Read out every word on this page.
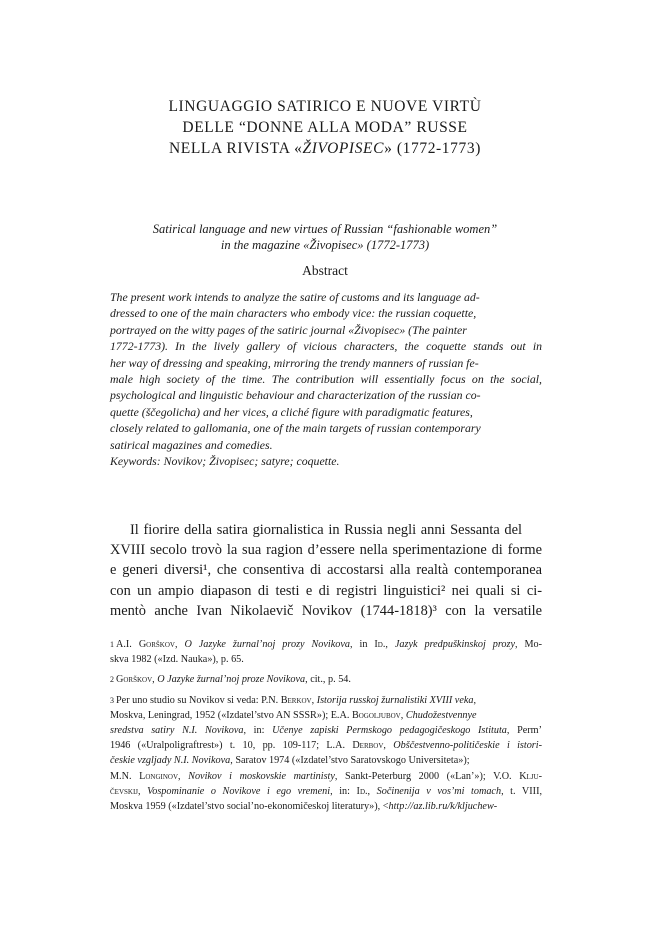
LINGUAGGIO SATIRICO E NUOVE VIRTÙ
DELLE “DONNE ALLA MODA” RUSSE
NELLA RIVISTA «ŽIVOPISEC» (1772-1773)
Satirical language and new virtues of Russian “fashionable women”
in the magazine «Živopisec» (1772-1773)
Abstract
The present work intends to analyze the satire of customs and its language ad-
dressed to one of the main characters who embody vice: the russian coquette,
portrayed on the witty pages of the satiric journal «Živopisec» (The painter
1772-1773). In the lively gallery of vicious characters, the coquette stands out in
her way of dressing and speaking, mirroring the trendy manners of russian fe-
male high society of the time. The contribution will essentially focus on the social,
psychological and linguistic behaviour and characterization of the russian co-
quette (ščegolicha) and her vices, a cliché figure with paradigmatic features,
closely related to gallomania, one of the main targets of russian contemporary
satirical magazines and comedies.
Keywords: Novikov; Živopisec; satyre; coquette.
Il fiorire della satira giornalistica in Russia negli anni Sessanta del
XVIII secolo trovò la sua ragion d’essere nella sperimentazione di forme
e generi diversi¹, che consentiva di accostarsi alla realtà contemporanea
con un ampio diapason di testi e di registri linguistici² nei quali si ci-
mentò anche Ivan Nikolaevič Novikov (1744-1818)³ con la versatile
1 A.I. Gorškov, O Jazyke žurnal’noj prozy Novikova, in Id., Jazyk predpuškinskoj prozy, Mo-
skva 1982 («Izd. Nauka»), p. 65.
2 Gorškov, O Jazyke žurnal’noj proze Novikova, cit., p. 54.
3 Per uno studio su Novikov si veda: P.N. Berkov, Istorija russkoj žurnalistiki XVIII veka,
Moskva, Leningrad, 1952 («Izdatel’stvo AN SSSR»); E.A. Bogoljubov, Chudožestvennye
sredstva satiry N.I. Novikova, in: Učenye zapiski Permskogo pedagogičeskogo Istituta, Perm’
1946 («Uralpoligraftrest») t. 10, pp. 109-117; L.A. Derbov, Obščestvenno-političeskie i istori-
českie vzgljady N.I. Novikova, Saratov 1974 («Izdatel’stvo Saratovskogo Universiteta»);
M.N. Longinov, Novikov i moskovskie martinisty, Sankt-Peterburg 2000 («Lan’»); V.O. Klju-
čevskij, Vospominanie o Novikove i ego vremeni, in: Id., Sočinenija v vos’mi tomach, t. VIII,
Moskva 1959 («Izdatel’stvo social’no-ekonomičeskoj literatury»), <http://az.lib.ru/k/kljuchew-
